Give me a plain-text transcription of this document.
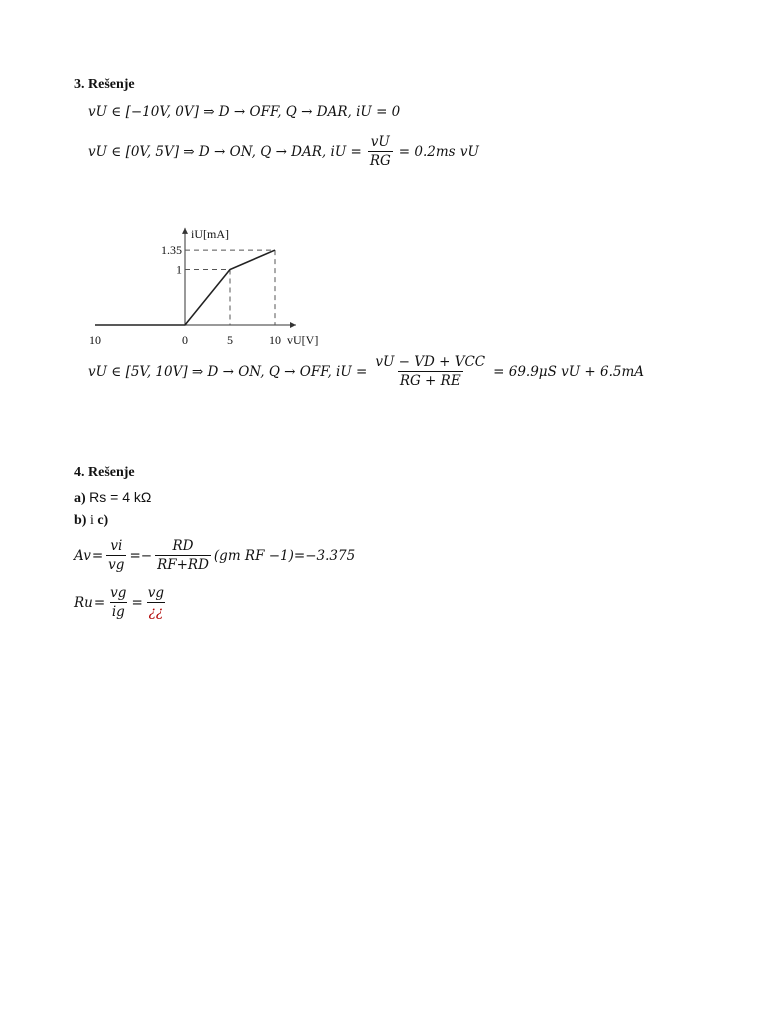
3. Rešenje
vU ∈ [−10V, 0V] ⇒ D → OFF, Q → DAR, iU = 0
vU ∈ [0V, 5V] ⇒ D → ON, Q → DAR, iU = $\frac{vU}{RG} = 0.2ms$ vU
10	0	5	10
1.35
1
iU[mA]
vU[V]
vU ∈ [5V, 10V] ⇒ D → ON, Q → OFF, iU = $\frac{\text{vU − VD + VCC}}{RG + RE} = 69.9\mu S$ vU + 6.5mA
4. Rešenje
a) Rs = 4 kΩ
b) i c)
$Av = \frac{vi}{vg} =- \frac{RD}{RF+RD} (gm$ RF −1)=−3.375
$Ru = \frac{vg}{ig} = \frac{vg}{¿¿}$
